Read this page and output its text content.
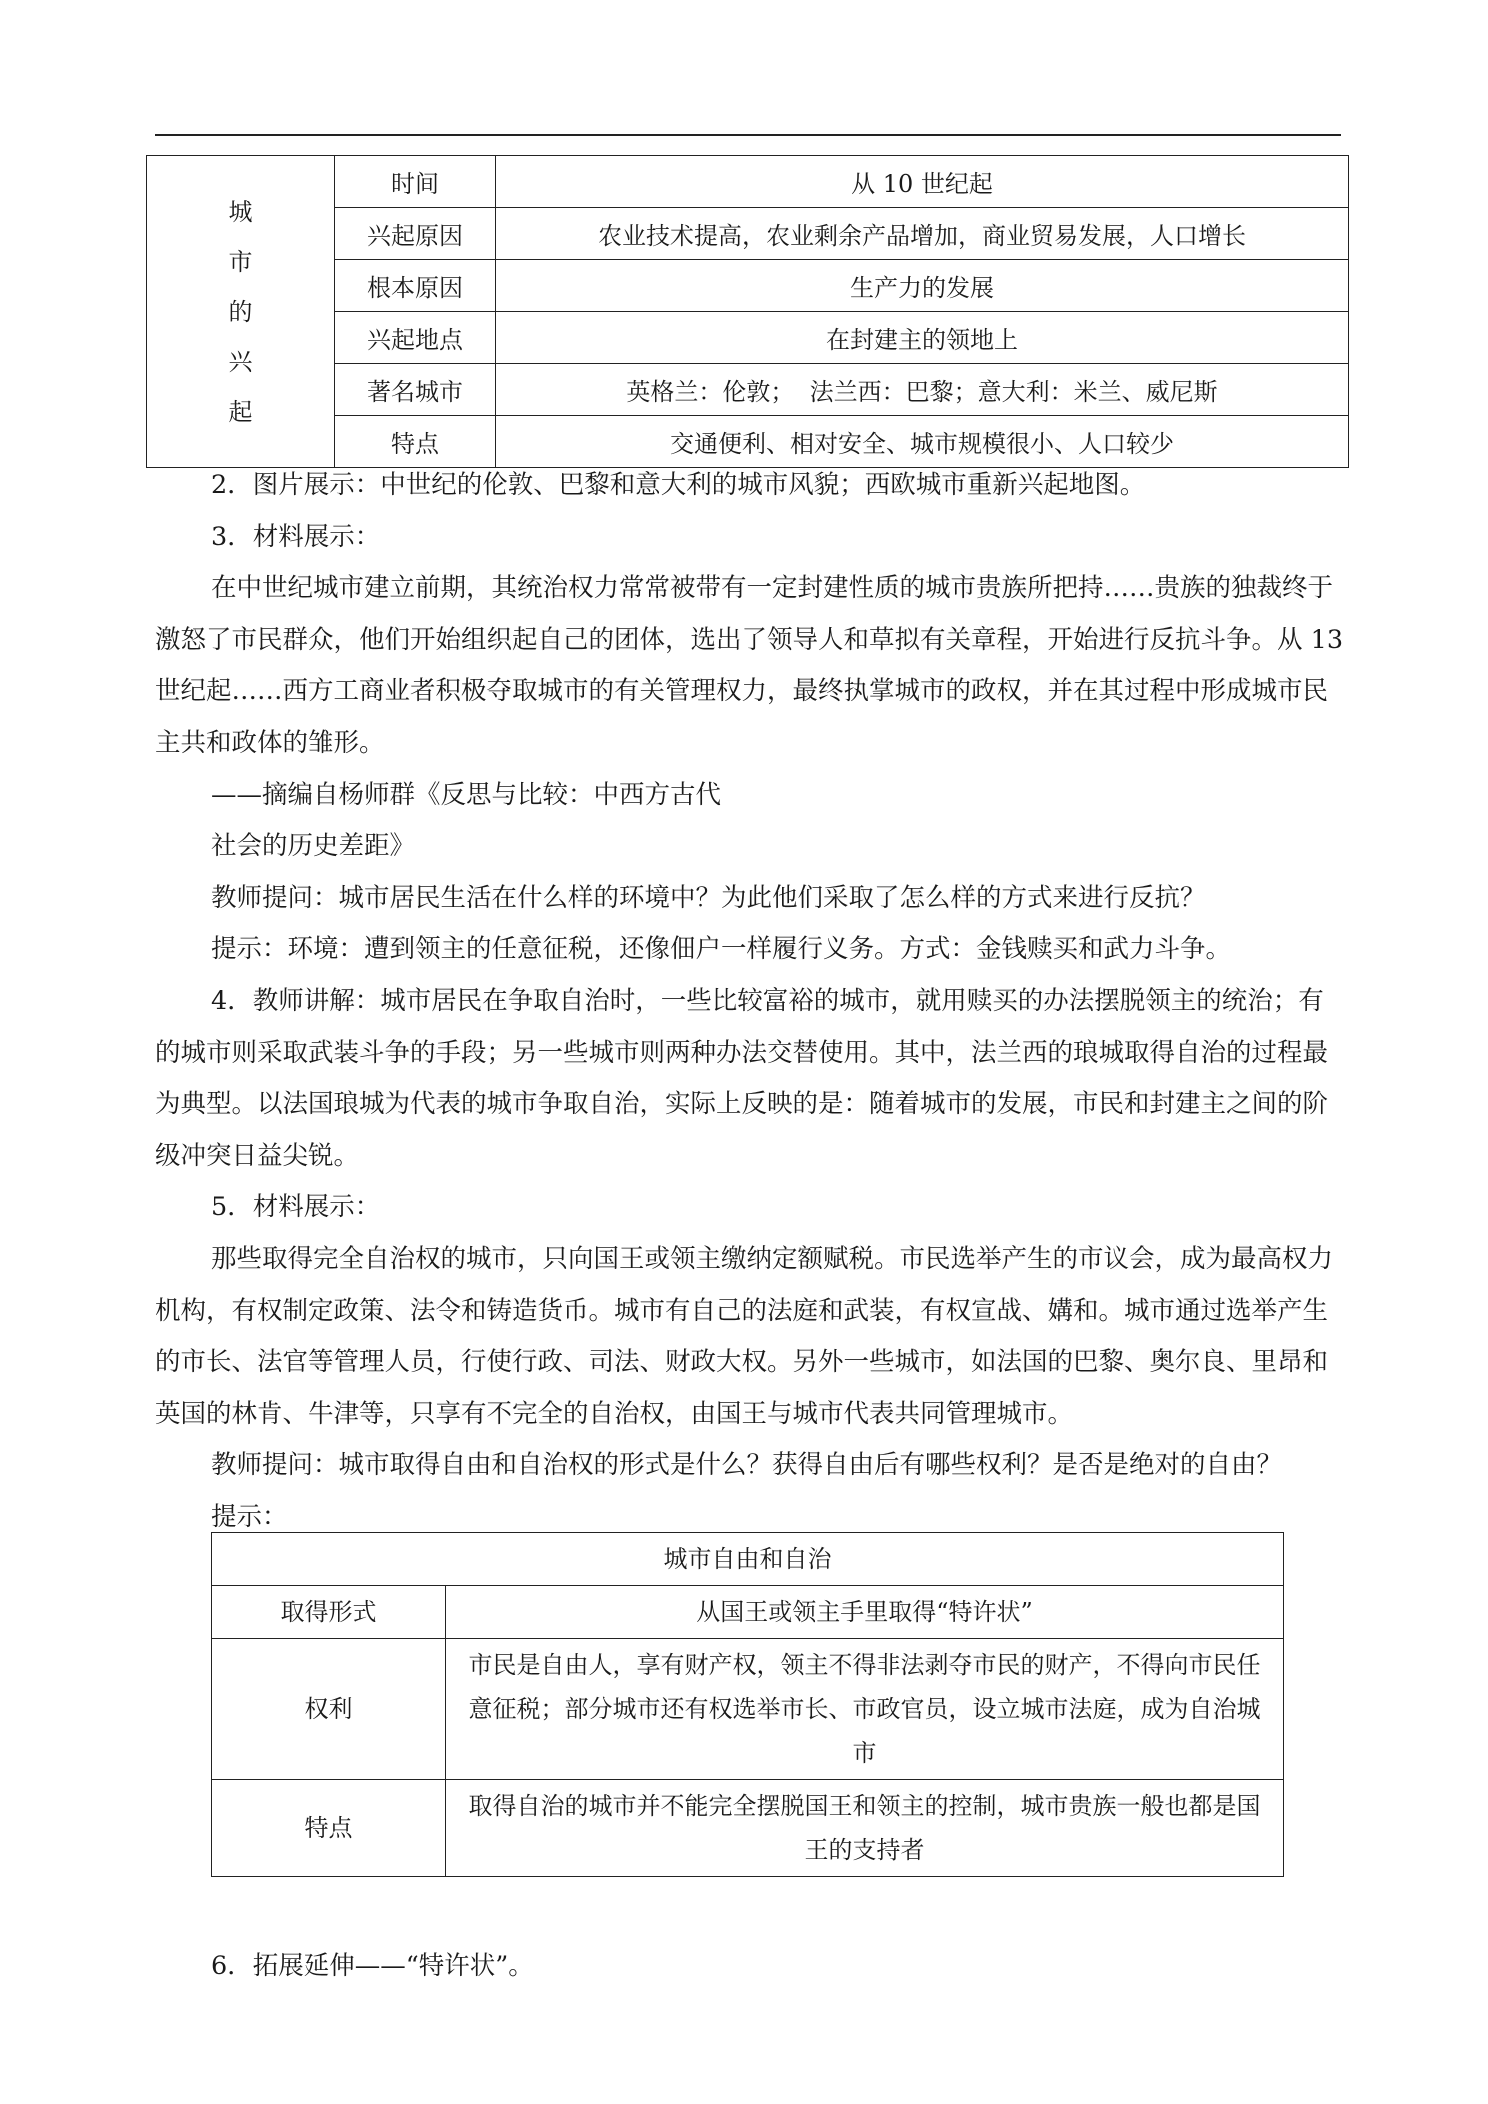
城
市
的
兴
起	时间	从 10 世纪起
	兴起原因	农业技术提高，农业剩余产品增加，商业贸易发展，人口增长
	根本原因	生产力的发展
	兴起地点	在封建主的领地上
	著名城市	英格兰：伦敦；  法兰西：巴黎；意大利：米兰、威尼斯
	特点	交通便利、相对安全、城市规模很小、人口较少

2．图片展示：中世纪的伦敦、巴黎和意大利的城市风貌；西欧城市重新兴起地图。

3．材料展示：

在中世纪城市建立前期，其统治权力常常被带有一定封建性质的城市贵族所把持……贵族的独裁终于激怒了市民群众，他们开始组织起自己的团体，选出了领导人和草拟有关章程，开始进行反抗斗争。从 13 世纪起……西方工商业者积极夺取城市的有关管理权力，最终执掌城市的政权，并在其过程中形成城市民主共和政体的雏形。

——摘编自杨师群《反思与比较：中西方古代

社会的历史差距》

教师提问：城市居民生活在什么样的环境中？为此他们采取了怎么样的方式来进行反抗？

提示：环境：遭到领主的任意征税，还像佃户一样履行义务。方式：金钱赎买和武力斗争。

4．教师讲解：城市居民在争取自治时，一些比较富裕的城市，就用赎买的办法摆脱领主的统治；有的城市则采取武装斗争的手段；另一些城市则两种办法交替使用。其中，法兰西的琅城取得自治的过程最为典型。以法国琅城为代表的城市争取自治，实际上反映的是：随着城市的发展，市民和封建主之间的阶级冲突日益尖锐。

5．材料展示：

那些取得完全自治权的城市，只向国王或领主缴纳定额赋税。市民选举产生的市议会，成为最高权力机构，有权制定政策、法令和铸造货币。城市有自己的法庭和武装，有权宣战、媾和。城市通过选举产生的市长、法官等管理人员，行使行政、司法、财政大权。另外一些城市，如法国的巴黎、奥尔良、里昂和英国的林肯、牛津等，只享有不完全的自治权，由国王与城市代表共同管理城市。

教师提问：城市取得自由和自治权的形式是什么？获得自由后有哪些权利？是否是绝对的自由？

提示：

城市自由和自治	
取得形式	从国王或领主手里取得“特许状”
权利	市民是自由人，享有财产权，领主不得非法剥夺市民的财产，不得向市民任意征税；部分城市还有权选举市长、市政官员，设立城市法庭，成为自治城市
特点	取得自治的城市并不能完全摆脱国王和领主的控制，城市贵族一般也都是国王的支持者

6．拓展延伸——“特许状”。
